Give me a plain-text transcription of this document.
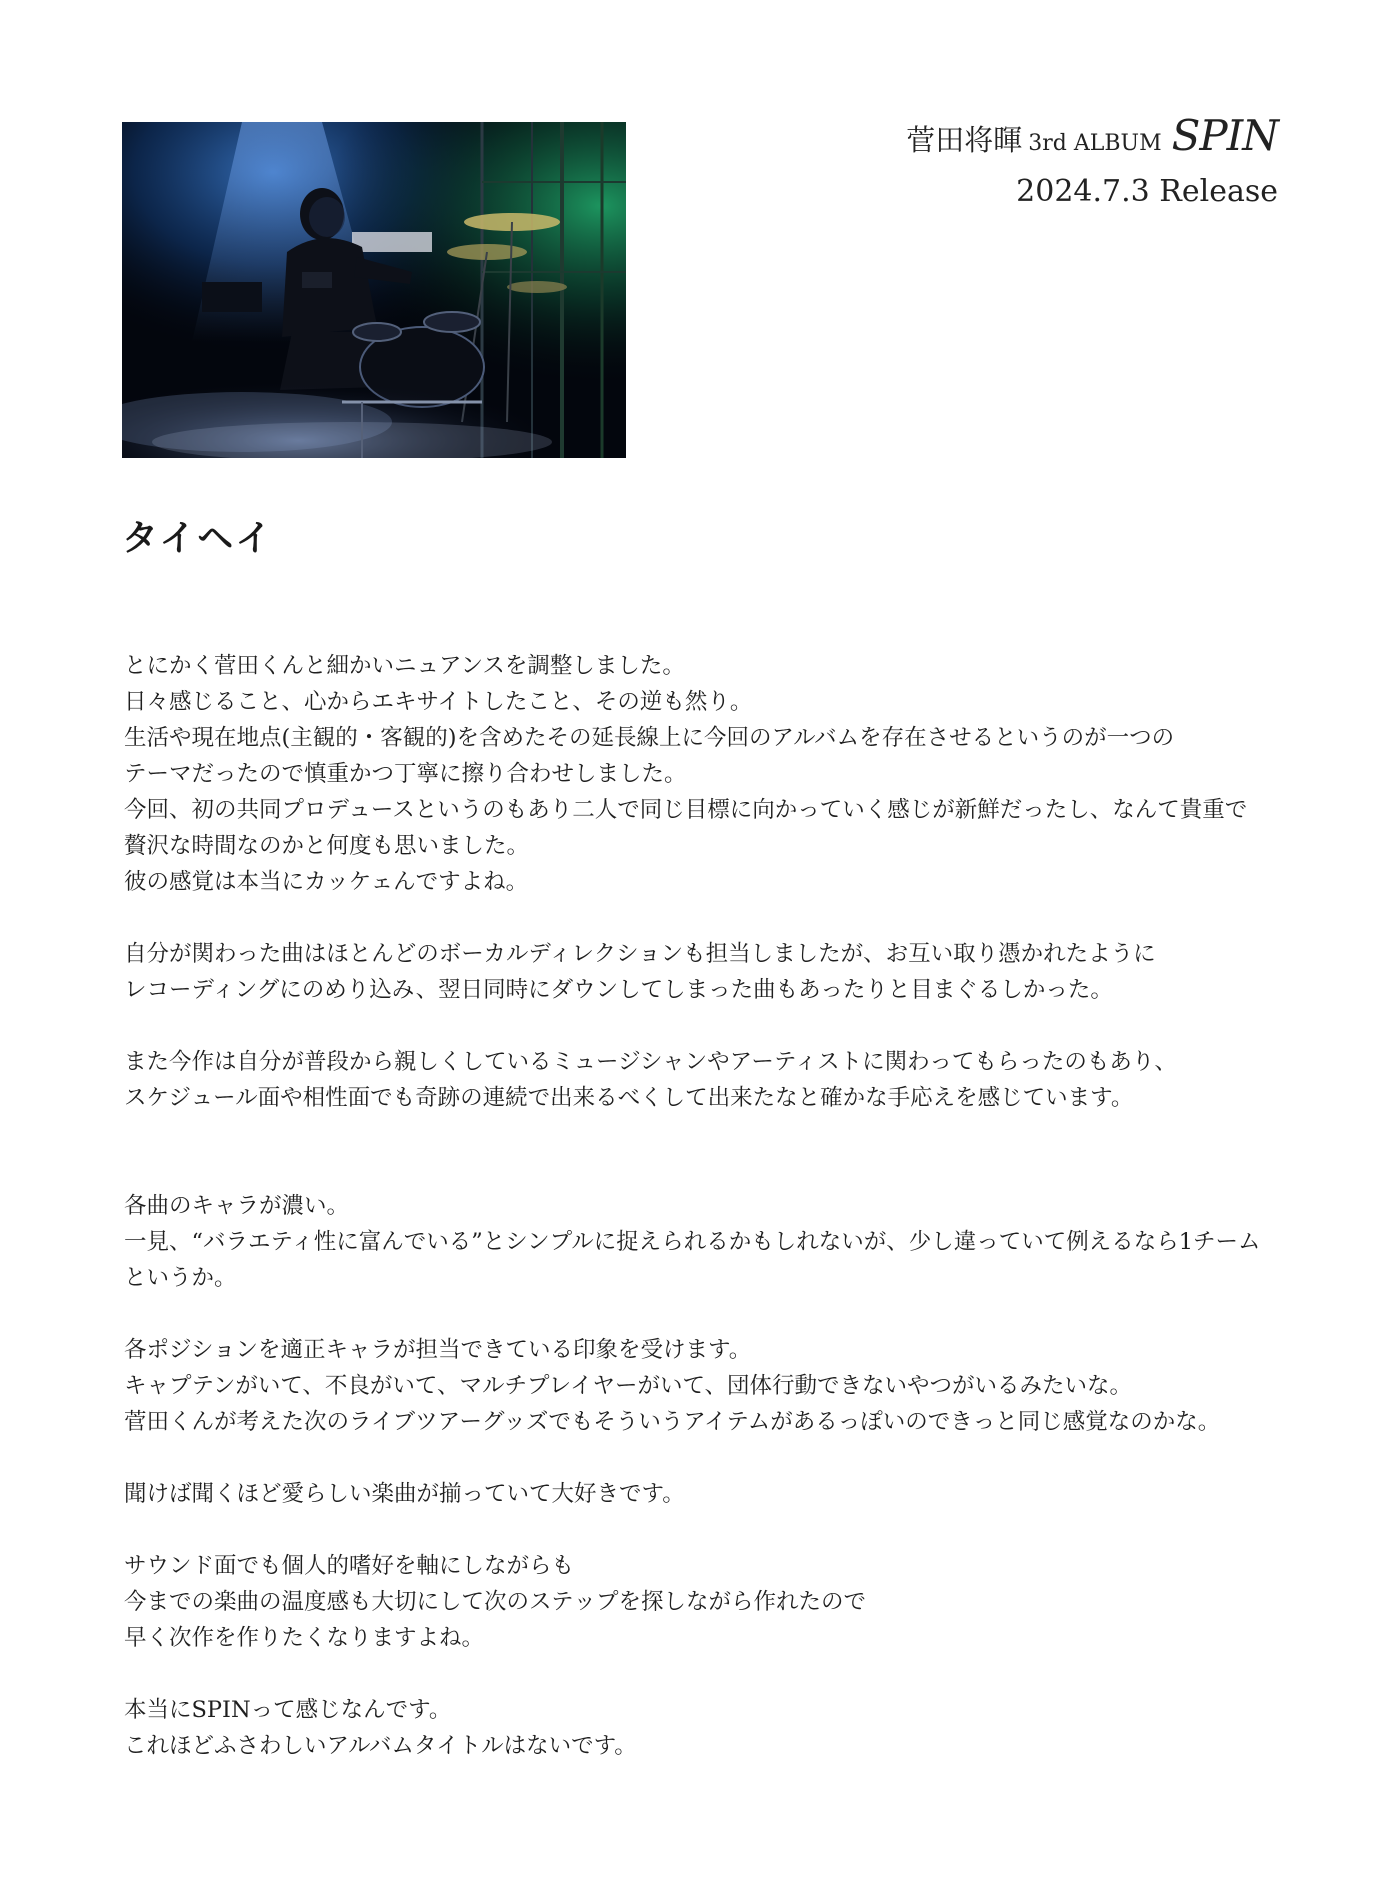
菅田将暉 3rd ALBUM SPIN
2024.7.3 Release
タイヘイ
とにかく菅田くんと細かいニュアンスを調整しました。
日々感じること、心からエキサイトしたこと、その逆も然り。
生活や現在地点(主観的・客観的)を含めたその延長線上に今回のアルバムを存在させるというのが一つの
テーマだったので慎重かつ丁寧に擦り合わせしました。
今回、初の共同プロデュースというのもあり二人で同じ目標に向かっていく感じが新鮮だったし、なんて貴重で
贅沢な時間なのかと何度も思いました。
彼の感覚は本当にカッケェんですよね。
自分が関わった曲はほとんどのボーカルディレクションも担当しましたが、お互い取り憑かれたように
レコーディングにのめり込み、翌日同時にダウンしてしまった曲もあったりと目まぐるしかった。
また今作は自分が普段から親しくしているミュージシャンやアーティストに関わってもらったのもあり、
スケジュール面や相性面でも奇跡の連続で出来るべくして出来たなと確かな手応えを感じています。
各曲のキャラが濃い。
一見、“バラエティ性に富んでいる”とシンプルに捉えられるかもしれないが、少し違っていて例えるなら1チーム
というか。
各ポジションを適正キャラが担当できている印象を受けます。
キャプテンがいて、不良がいて、マルチプレイヤーがいて、団体行動できないやつがいるみたいな。
菅田くんが考えた次のライブツアーグッズでもそういうアイテムがあるっぽいのできっと同じ感覚なのかな。
聞けば聞くほど愛らしい楽曲が揃っていて大好きです。
サウンド面でも個人的嗜好を軸にしながらも
今までの楽曲の温度感も大切にして次のステップを探しながら作れたので
早く次作を作りたくなりますよね。
本当にSPINって感じなんです。
これほどふさわしいアルバムタイトルはないです。
